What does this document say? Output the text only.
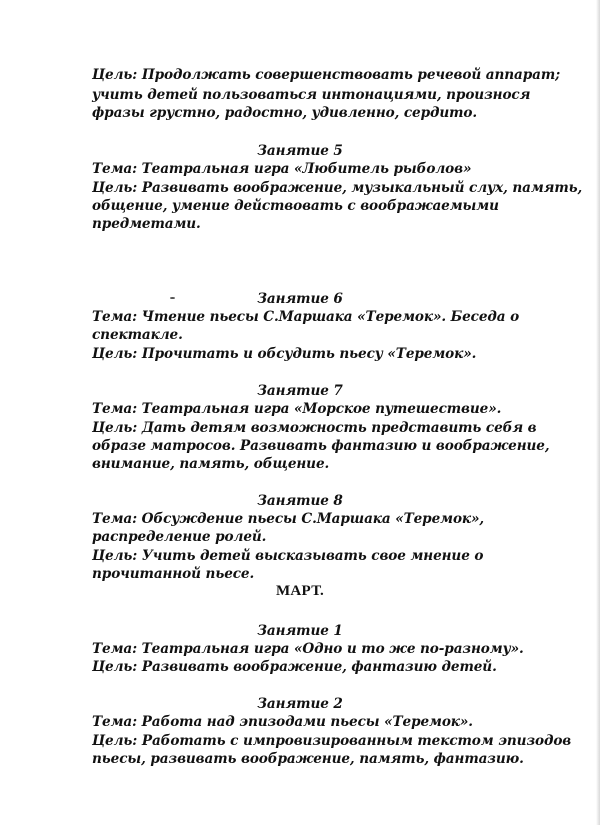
Цель: Продолжать совершенствовать речевой аппарат;
учить детей пользоваться интонациями, произнося
фразы грустно, радостно, удивленно, сердито.
Занятие 5
Тема: Театральная игра «Любитель рыболов»
Цель: Развивать воображение, музыкальный слух, память,
общение, умение действовать с воображаемыми
предметами.
Занятие 6
Тема: Чтение пьесы С.Маршака «Теремок». Беседа о
спектакле.
Цель: Прочитать и обсудить пьесу «Теремок».
Занятие 7
Тема: Театральная игра «Морское путешествие».
Цель: Дать детям возможность представить себя в
образе матросов. Развивать фантазию и воображение,
внимание, память, общение.
Занятие 8
Тема: Обсуждение пьесы С.Маршака «Теремок»,
распределение ролей.
Цель: Учить детей высказывать свое мнение о
прочитанной пьесе.
МАРТ.
Занятие 1
Тема: Театральная игра «Одно и то же по-разному».
Цель: Развивать воображение, фантазию детей.
Занятие 2
Тема: Работа над эпизодами пьесы «Теремок».
Цель: Работать с импровизированным текстом эпизодов
пьесы, развивать воображение, память, фантазию.
